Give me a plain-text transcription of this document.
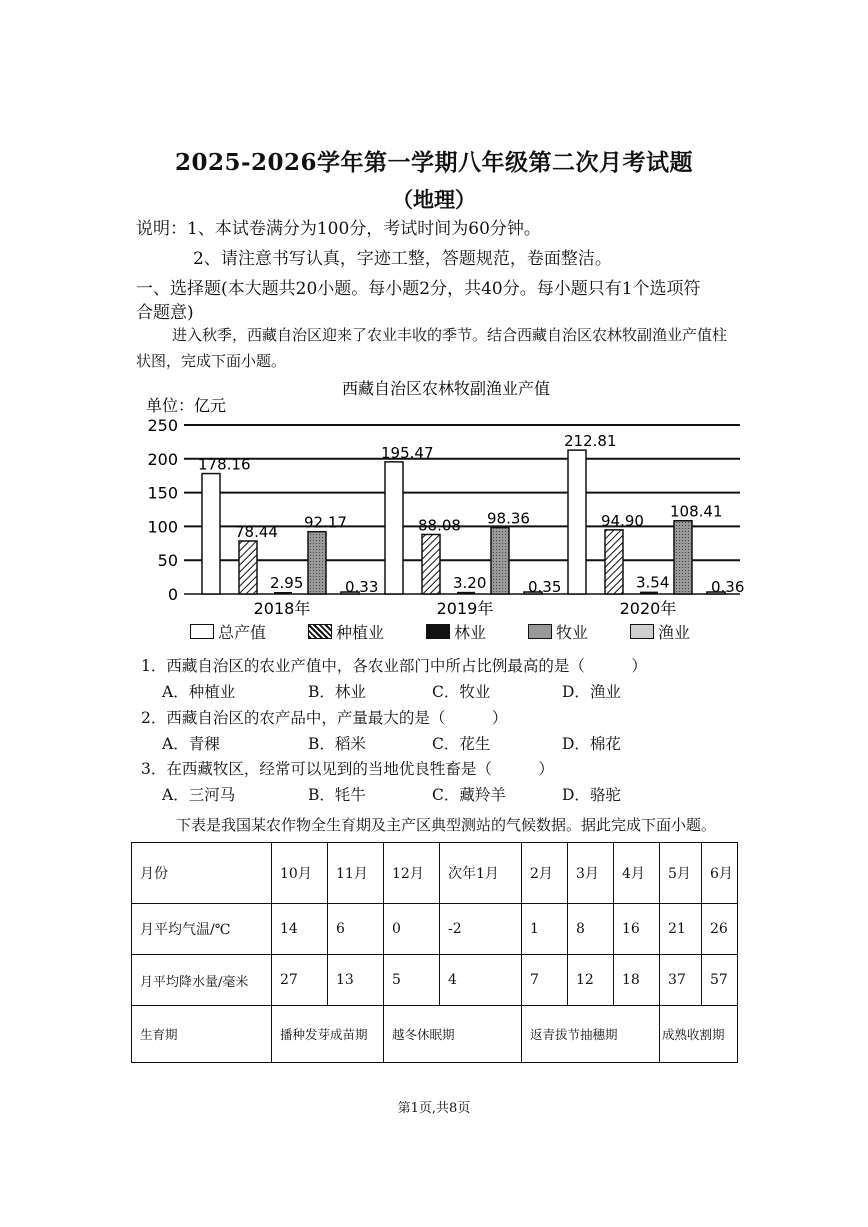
2025-2026学年第一学期八年级第二次月考试题
（地理）
说明：1、本试卷满分为100分，考试时间为60分钟。
2、请注意书写认真，字迹工整，答题规范，卷面整洁。
一、选择题(本大题共20小题。每小题2分，共40分。每小题只有1个选项符
合题意)
进入秋季，西藏自治区迎来了农业丰收的季节。结合西藏自治区农林牧副渔业产值柱
状图，完成下面小题。
西藏自治区农林牧副渔业产值
单位：亿元
0
50
100
150
200
250
178.16
78.44
2.95
92.17
0.33
2018年
195.47
88.08
3.20
98.36
0.35
2019年
212.81
94.90
3.54
108.41
0.36
2020年
总产值	种植业	林业	牧业	渔业
1．西藏自治区的农业产值中，各农业部门中所占比例最高的是（　　　）
A．种植业	B．林业	C．牧业	D．渔业
2．西藏自治区的农产品中，产量最大的是（　　　）
A．青稞	B．稻米	C．花生	D．棉花
3．在西藏牧区，经常可以见到的当地优良牲畜是（　　　）
A．三河马	B．牦牛	C．藏羚羊	D．骆驼
下表是我国某农作物全生育期及主产区典型测站的气候数据。据此完成下面小题。
月份	10月	11月	12月	次年1月	2月	3月	4月	5月	6月
月平均气温/℃	14	6	0	-2	1	8	16	21	26
月平均降水量/毫米	27	13	5	4	7	12	18	37	57
生育期	播种发芽成苗期		越冬休眠期		返青拔节抽穗期			成熟收割期	
第1页,共8页
